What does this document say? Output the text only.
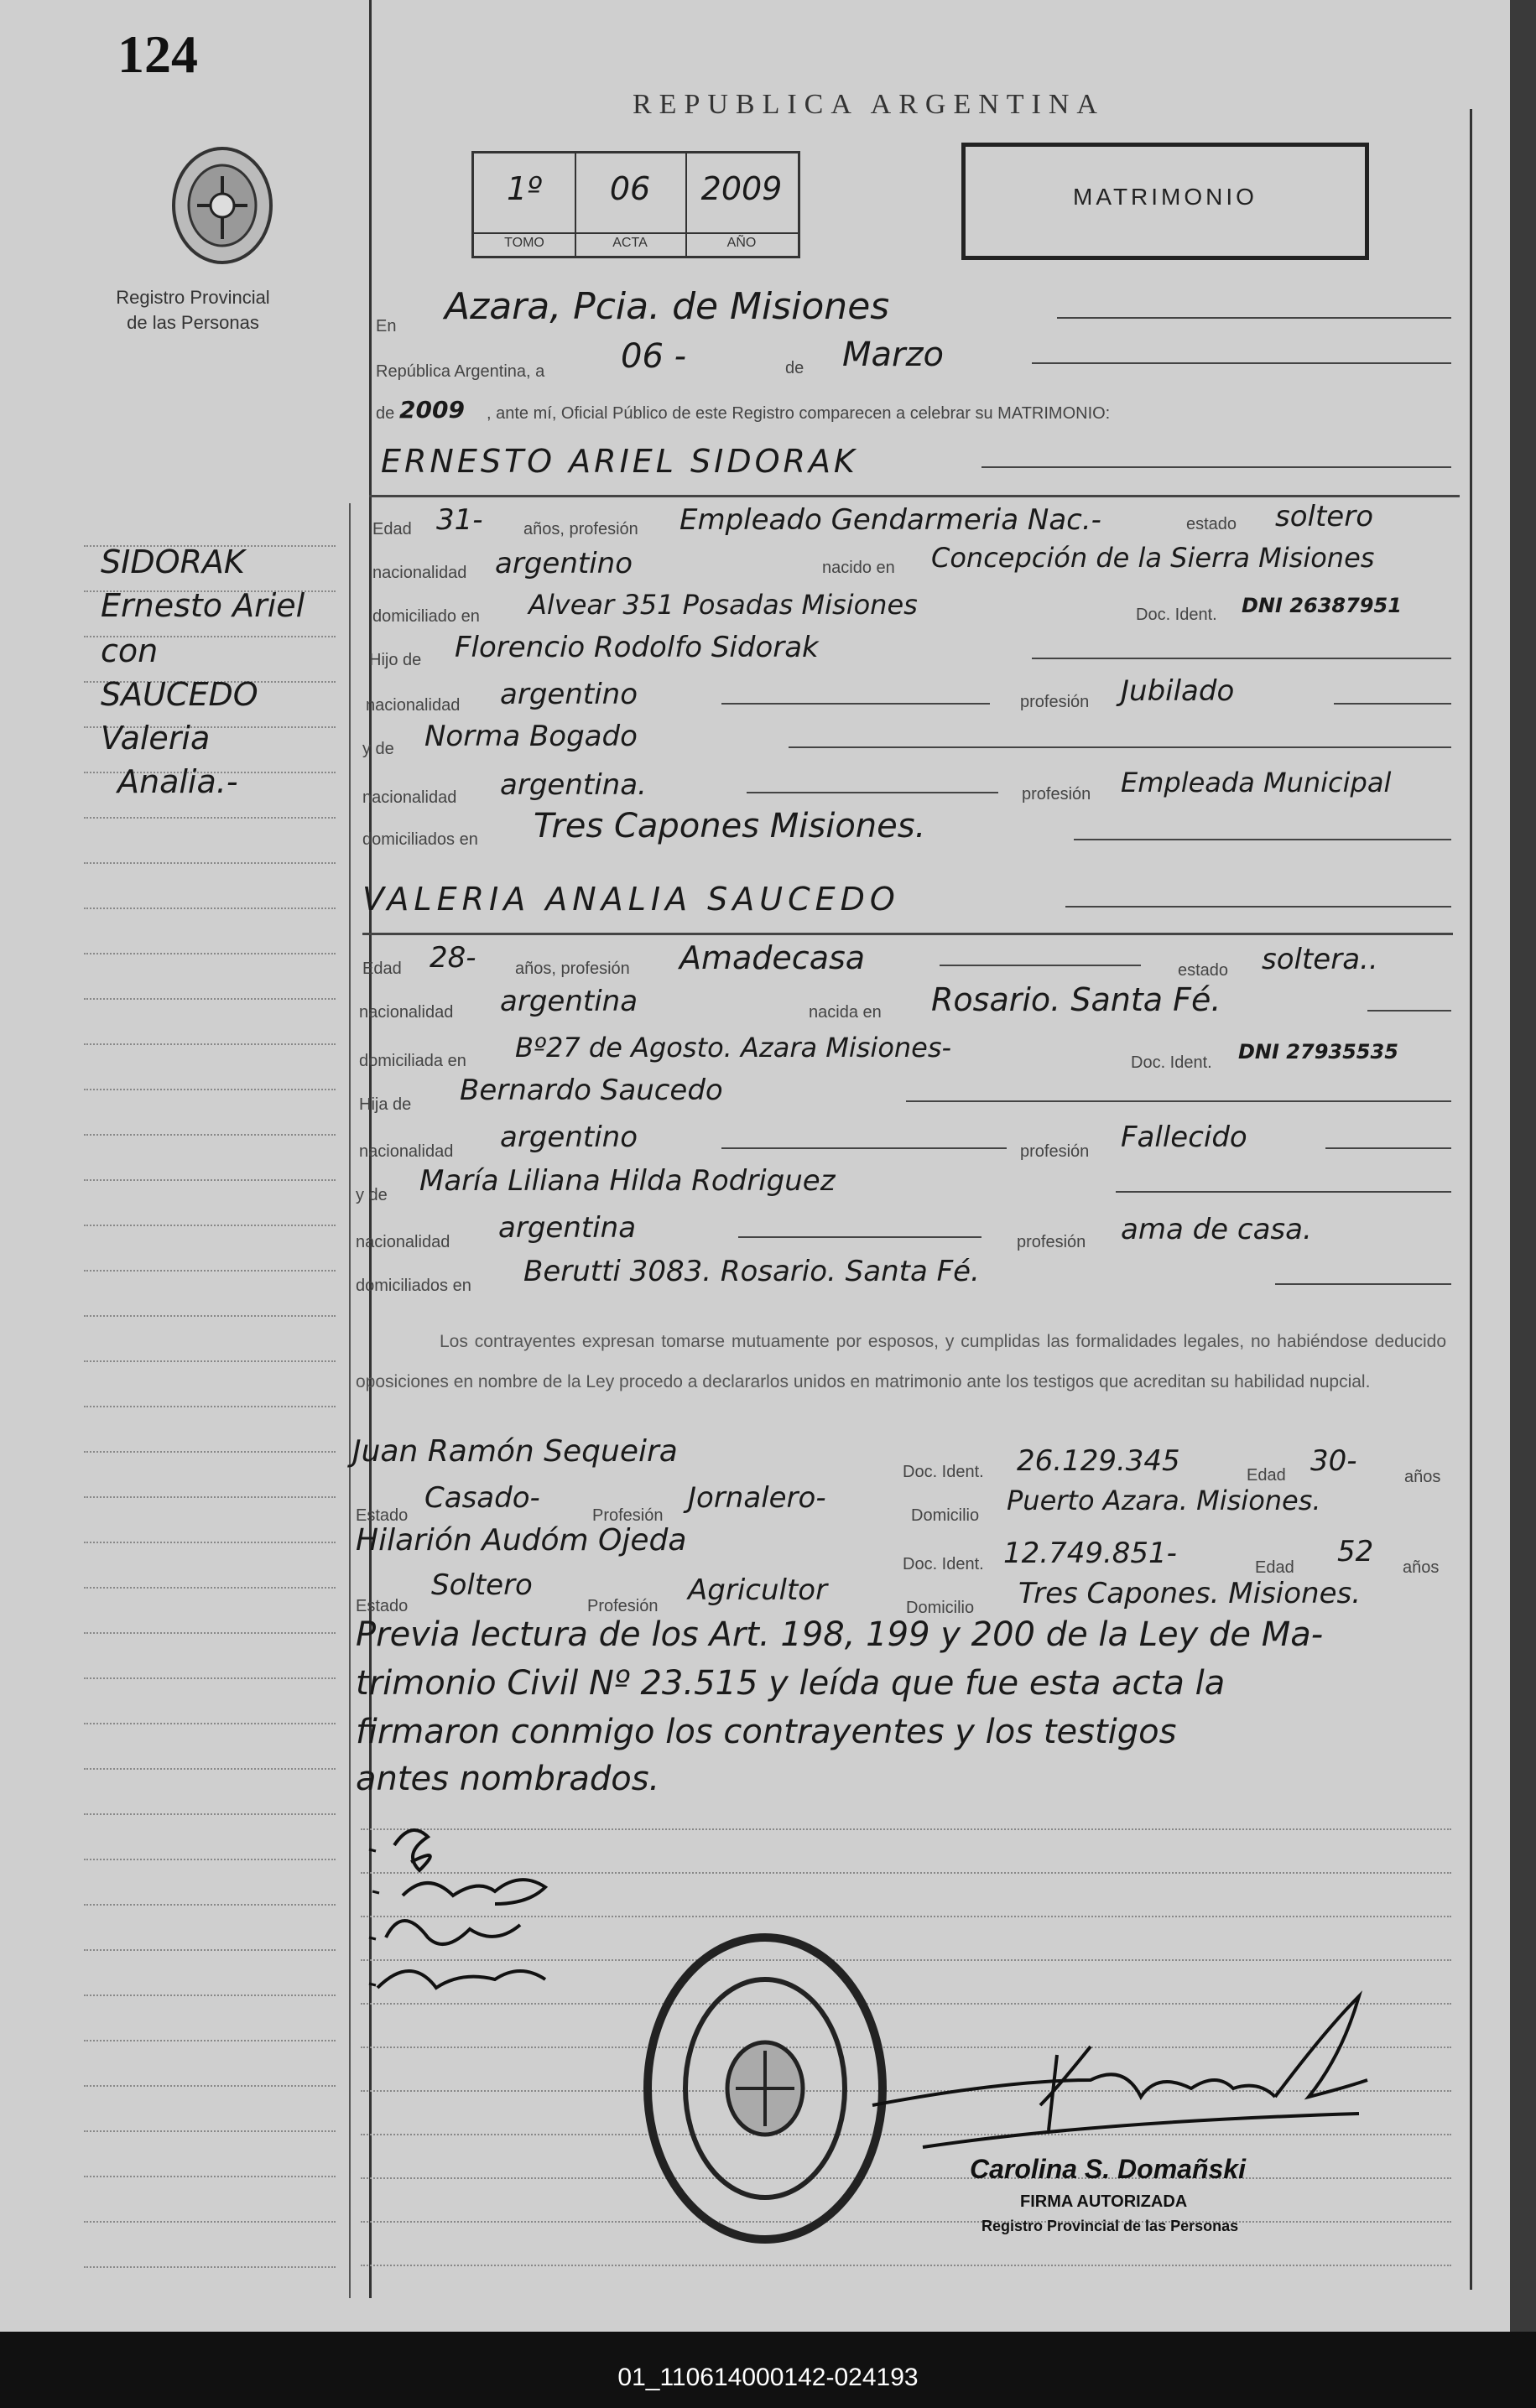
124
Registro Provincial de las Personas
REPUBLICA ARGENTINA
1º
TOMO
06
ACTA
2009
AÑO
MATRIMONIO
SIDORAK
Ernesto Ariel
con
SAUCEDO
Valeria
Analia.-
En Azara, Pcia. de Misiones
República Argentina, a 06 -	de Marzo
de 2009 , ante mí, Oficial Público de este Registro comparecen a celebrar su MATRIMONIO:
ERNESTO ARIEL SIDORAK
Edad 31- años, profesión Empleado Gendarmeria Nac.-	estado soltero
nacionalidad argentino	nacido en Concepción de la Sierra Misiones
domiciliado en Alvear 351 Posadas Misiones	Doc. Ident. DNI 26387951
Hijo de Florencio Rodolfo Sidorak
nacionalidad argentino	profesión Jubilado
y de Norma Bogado
nacionalidad argentina.	profesión Empleada Municipal
domiciliados en Tres Capones Misiones.
VALERIA ANALIA SAUCEDO
Edad 28- años, profesión Amadecasa	estado soltera..
nacionalidad argentina	nacida en Rosario. Santa Fé.
domiciliada en Bº27 de Agosto. Azara Misiones-	Doc. Ident. DNI 27935535
Hija de Bernardo Saucedo
nacionalidad argentino	profesión Fallecido
y de María Liliana Hilda Rodriguez
nacionalidad argentina	profesión ama de casa.
domiciliados en Berutti 3083. Rosario. Santa Fé.
Los contrayentes expresan tomarse mutuamente por esposos, y cumplidas las formalidades legales, no habiéndose deducido oposiciones en nombre de la Ley procedo a declararlos unidos en matrimonio ante los testigos que acreditan su habilidad nupcial.
Juan Ramón Sequeira
Doc. Ident. 26.129.345	Edad 30-	años
Estado
Casado-
Profesión
Jornalero-
Domicilio Puerto Azara. Misiones.
Hilarión Audóm Ojeda
Doc. Ident. 12.749.851-	Edad 52 años
Estado
Soltero
Profesión Agricultor
Domicilio Tres Capones. Misiones.
Previa lectura de los Art. 198, 199 y 200 de la Ley de Ma-
trimonio Civil Nº 23.515 y leída que fue esta acta la
firmaron conmigo los contrayentes y los testigos
antes nombrados.
Carolina S. Domañski
FIRMA AUTORIZADA
Registro Provincial de las Personas
01_110614000142-024193
